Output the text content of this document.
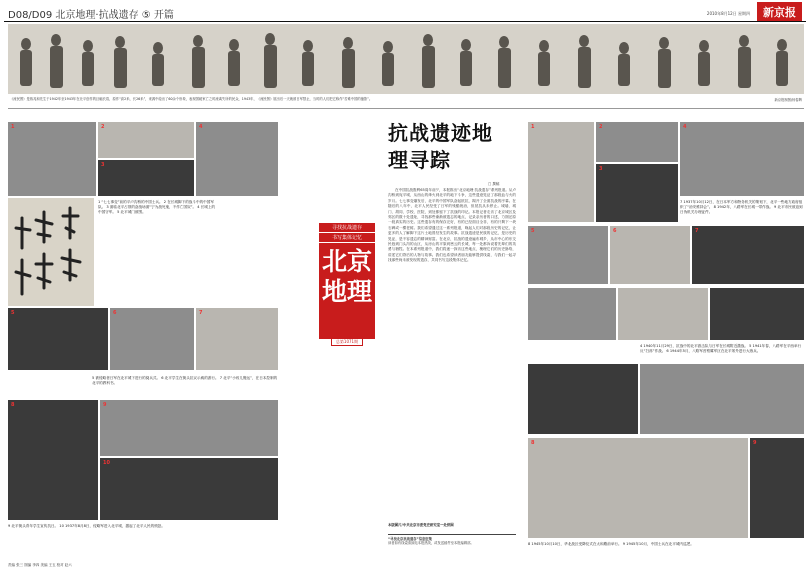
D08/D09 北京地理·抗战遗存 ⑤ 开篇	2010年8月12日 星期四	新京报
《流民图》是蒋兆和先生于1942年至1943年在北平创作的巨幅长卷，原作“高2米，长26米”，来源中绘出了60余个形象，表现国破家亡之时流离失所的民众，1943年，《流民图》展出后一天就被日军禁止，当时的人们把它称作“苦难中国的缩影”。	新京报制图/杨春辉
1	2
3
4
1 “七七事变”前的平卢沟桥的中国士兵。 2 在长城脚下的战斗中的中国军队。 3 面临北平占领的奋战场面“宁为战死鬼，不作亡国奴”。 4 长城上的中国守军。 5 北平城门被围。
5	6	7
5 被侵略者日军在北平城下进行的阅兵式。 6 北平学生在街头抗议示威的游行。 7 北平“小孩儿搬运”，在日本控制的北平的教科书。
8	9
10
9 北平街头青年学生宣传抗日。 10 1937年8月8日，侵略军进入北平城，激起了北平人民的愤怒。
寻找抗战遗存
书写集体记忆
北京地理
总第1071期
抗战遗迹地理寻踪
□ 撰稿
在中国抗战胜利65周年前夕，本报推出“北京地理·抗战遗存”系列报道。从卢沟桥到宛平城，从西山的烽火到北平的地下斗争，这些遗迹见证了那段血与火的岁月。七七事变爆发后，北平的中国军队奋起抵抗，揭开了全面抗战的序幕。在随后的八年中，北平人民经受了日军的残酷统治，但抵抗从未停止。城墙、城门、胡同、学校、医院，到处都留下了抗战的印记。本报记者走访了北京城区及郊区的数十处遗址，寻找那些渐渐被遗忘的地点，记录亲历者的口述，力图还原一段真实的历史。这些遗存有的保存完好，有的已经面目全非，有的只剩下一块石碑或一棵老树。我们希望通过这一系列报道，唤起人们对那段历史的记忆，让更多的人了解脚下这片土地曾经发生的故事。抗战遗迹是民族的记忆，是历史的见证，是不容遗忘的精神财富。在北京，抗战的遗迹遍布城乡，从市中心的东交民巷到门头沟的山区，从房山的平原到密云的长城，每一处都诉说着先辈们的英勇与牺牲。在本系列报道中，我们将逐一探访这些地点，梳理它们的历史脉络，讲述它们背后的人物与故事。我们也希望读者朋友能够提供线索，与我们一起寻找那些尚未被发现的遗存，共同书写这段集体记忆。
本版图片/中共北京市委党史研究室一处供图
“寻找北京抗战遗存”信息征集
读者如有线索请致电本报热线，或发送邮件至本报编辑部。
1	2
3
4
7 1937年10月12日，在日本军方和特务机关的策划下，北平一些地方政府组织了“治安维持会”。 8 1942年，八路军在长城一带作战。 9 北平市民被迫到日伪机关办理证件。
5	6	7
4 1940年11月29日，抗战中的北平游击队与日军在长城附近激战。 5 1941年春，八路军在平西举行反“扫荡”作战。 6 1944年5月，八路军晋察冀军区在北平郊外进行大练兵。
8	9
8 1945年10月10日，华北战区受降仪式在太和殿前举行。 9 1945年10月，中国士兵在北平城内巡逻。
责编 张三 图编 李四 美编 王五 校对 赵六
